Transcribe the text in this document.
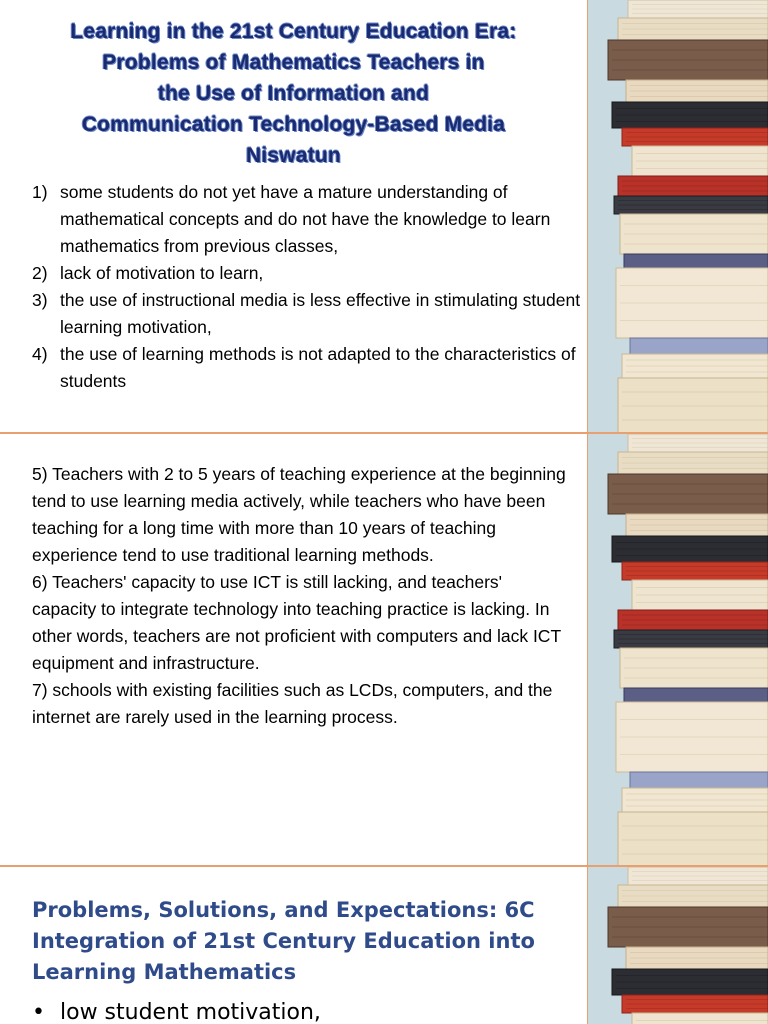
Learning in the 21st Century Education Era:
Problems of Mathematics Teachers in
the Use of Information and
Communication Technology-Based Media
Niswatun
1) some students do not yet have a mature understanding of mathematical concepts and do not have the knowledge to learn mathematics from previous classes,
2) lack of motivation to learn,
3) the use of instructional media is less effective in stimulating student learning motivation,
4) the use of learning methods is not adapted to the characteristics of students

5) Teachers with 2 to 5 years of teaching experience at the beginning tend to use learning media actively, while teachers who have been teaching for a long time with more than 10 years of teaching experience tend to use traditional learning methods.
6) Teachers' capacity to use ICT is still lacking, and teachers' capacity to integrate technology into teaching practice is lacking. In other words, teachers are not proficient with computers and lack ICT equipment and infrastructure.
7) schools with existing facilities such as LCDs, computers, and the internet are rarely used in the learning process.

Problems, Solutions, and Expectations: 6C Integration of 21st Century Education into Learning Mathematics
• low student motivation,
